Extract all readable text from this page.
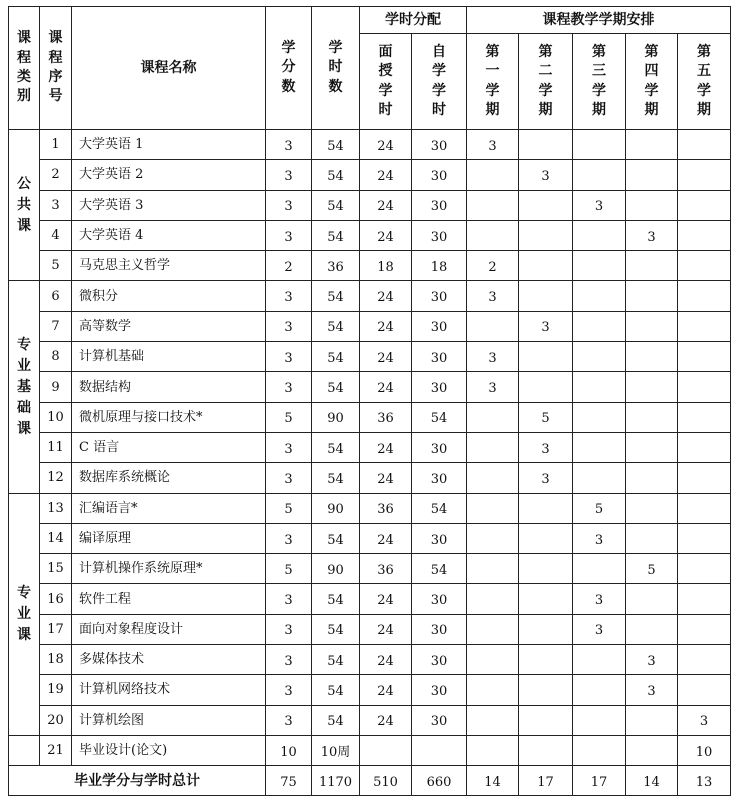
课
程
类
别	课
程
序
号	课程名称	学
分
数	学
时
数	学时分配		课程教学学期安排				
					面
授
学
时	自
学
学
时	第
一
学
期	第
二
学
期	第
三
学
期	第
四
学
期	第
五
学
期
公
共
课	1	大学英语 1	3	54	24	30	3				
	2	大学英语 2	3	54	24	30		3			
	3	大学英语 3	3	54	24	30			3		
	4	大学英语 4	3	54	24	30				3	
	5	马克思主义哲学	2	36	18	18	2				
专
业
基
础
课	6	微积分	3	54	24	30	3				
	7	高等数学	3	54	24	30		3			
	8	计算机基础	3	54	24	30	3				
	9	数据结构	3	54	24	30	3				
	10	微机原理与接口技术*	5	90	36	54		5			
	11	C 语言	3	54	24	30		3			
	12	数据库系统概论	3	54	24	30		3			
专
业
课	13	汇编语言*	5	90	36	54			5		
	14	编译原理	3	54	24	30			3		
	15	计算机操作系统原理*	5	90	36	54				5	
	16	软件工程	3	54	24	30			3		
	17	面向对象程度设计	3	54	24	30			3		
	18	多媒体技术	3	54	24	30				3	
	19	计算机网络技术	3	54	24	30				3	
	20	计算机绘图	3	54	24	30					3
	21	毕业设计(论文)	10	10周							10
毕业学分与学时总计			75	1170	510	660	14	17	17	14	13
